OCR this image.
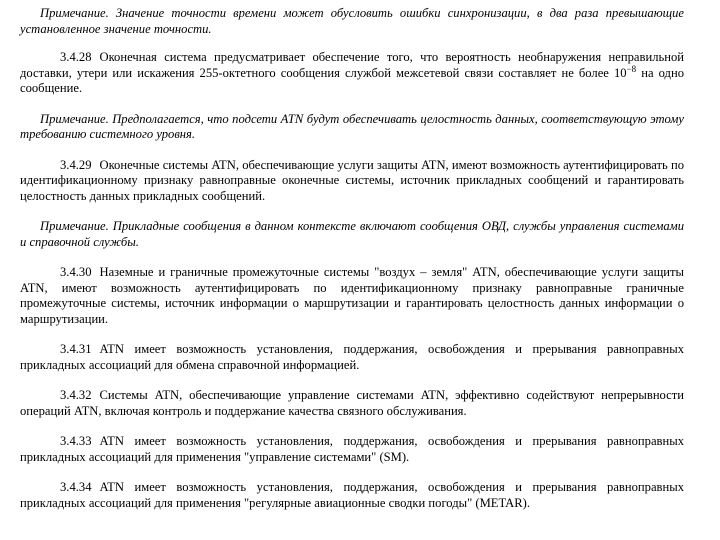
Примечание. Значение точности времени может обусловить ошибки синхронизации, в два раза превышающие установленное значение точности.

3.4.28 Оконечная система предусматривает обеспечение того, что вероятность необнаружения неправильной доставки, утери или искажения 255-октетного сообщения службой межсетевой связи составляет не более $10^{-8}$ на одно сообщение.

Примечание. Предполагается, что подсети ATN будут обеспечивать целостность данных, соответствующую этому требованию системного уровня.

3.4.29 Оконечные системы ATN, обеспечивающие услуги защиты ATN, имеют возможность аутентифицировать по идентификационному признаку равноправные оконечные системы, источник прикладных сообщений и гарантировать целостность данных прикладных сообщений.

Примечание. Прикладные сообщения в данном контексте включают сообщения ОВД, службы управления системами и справочной службы.

3.4.30 Наземные и граничные промежуточные системы "воздух – земля" ATN, обеспечивающие услуги защиты ATN, имеют возможность аутентифицировать по идентификационному признаку равноправные граничные промежуточные системы, источник информации о маршрутизации и гарантировать целостность данных информации о маршрутизации.

3.4.31 ATN имеет возможность установления, поддержания, освобождения и прерывания равноправных прикладных ассоциаций для обмена справочной информацией.

3.4.32 Системы ATN, обеспечивающие управление системами ATN, эффективно содействуют непрерывности операций ATN, включая контроль и поддержание качества связного обслуживания.

3.4.33 ATN имеет возможность установления, поддержания, освобождения и прерывания равноправных прикладных ассоциаций для применения "управление системами" (SM).

3.4.34 ATN имеет возможность установления, поддержания, освобождения и прерывания равноправных прикладных ассоциаций для применения "регулярные авиационные сводки погоды" (METAR).
